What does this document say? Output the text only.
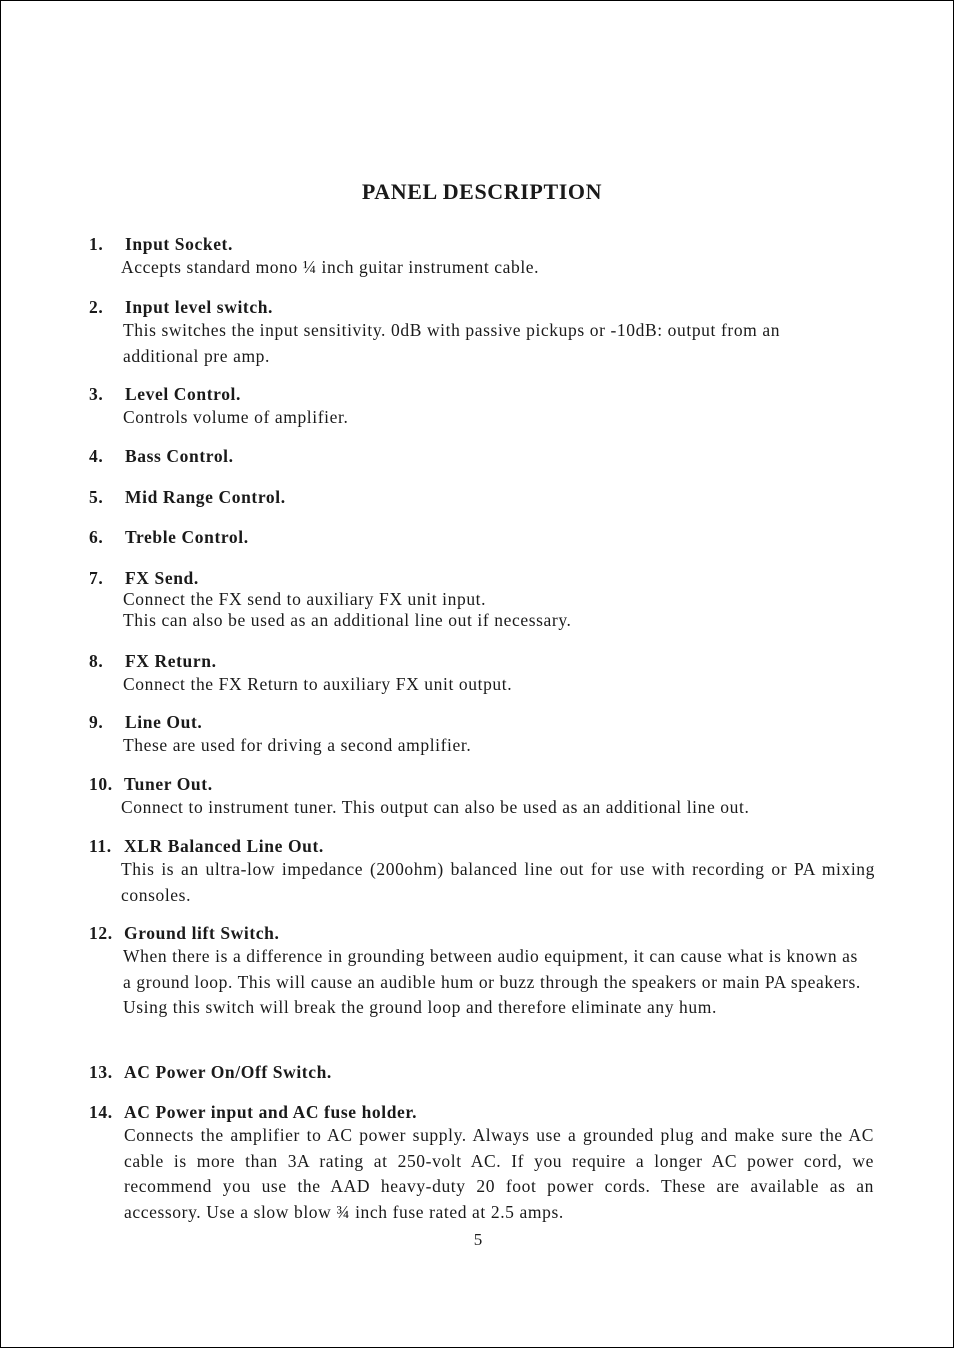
PANEL DESCRIPTION
1. Input Socket.

Accepts standard mono ¼ inch guitar instrument cable.

2. Input level switch.

This switches the input sensitivity. 0dB with passive pickups or -10dB: output from an additional pre amp.

3. Level Control.

Controls volume of amplifier.

4. Bass Control.
5. Mid Range Control.
6. Treble Control.
7. FX Send.

Connect the FX send to auxiliary FX unit input.

This can also be used as an additional line out if necessary.

8. FX Return.

Connect the FX Return to auxiliary FX unit output.

9. Line Out.

These are used for driving a second amplifier.

10. Tuner Out.

Connect to instrument tuner. This output can also be used as an additional line out.

11. XLR Balanced Line Out.

This is an ultra-low impedance (200ohm) balanced line out for use with recording or PA mixing consoles.

12. Ground lift Switch.

When there is a difference in grounding between audio equipment, it can cause what is known as a ground loop. This will cause an audible hum or buzz through the speakers or main PA speakers. Using this switch will break the ground loop and therefore eliminate any hum.

13. AC Power On/Off Switch.
14. AC Power input and AC fuse holder.

Connects the amplifier to AC power supply. Always use a grounded plug and make sure the AC cable is more than 3A rating at 250-volt AC. If you require a longer AC power cord, we recommend you use the AAD heavy-duty 20 foot power cords. These are available as an accessory. Use a slow blow ¾ inch fuse rated at 2.5 amps.

5
